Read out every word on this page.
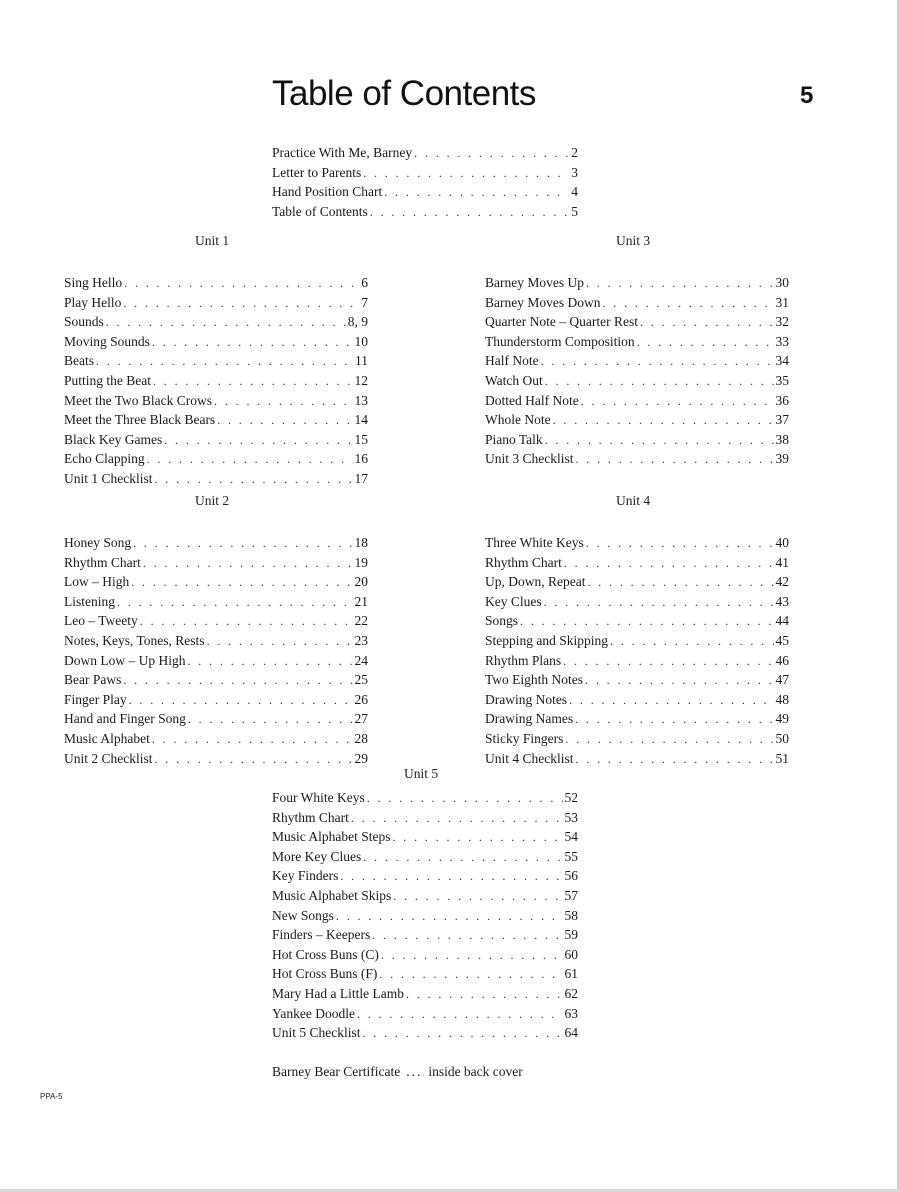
Table of Contents	5
Practice With Me, Barney . . .	2
Letter to Parents . . .	3
Hand Position Chart . . .	4
Table of Contents . . .	5
Unit 1
Sing Hello . . .	6
Play Hello . . .	7
Sounds . . .	8, 9
Moving Sounds . . .	10
Beats . . .	11
Putting the Beat . . .	12
Meet the Two Black Crows . . .	13
Meet the Three Black Bears . . .	14
Black Key Games . . .	15
Echo Clapping . . .	16
Unit 1 Checklist . . .	17
Unit 3
Barney Moves Up . . .	30
Barney Moves Down . . .	31
Quarter Note – Quarter Rest . . .	32
Thunderstorm Composition . . .	33
Half Note . . .	34
Watch Out . . .	35
Dotted Half Note . . .	36
Whole Note . . .	37
Piano Talk . . .	38
Unit 3 Checklist . . .	39
Unit 2
Honey Song . . .	18
Rhythm Chart . . .	19
Low – High . . .	20
Listening . . .	21
Leo – Tweety . . .	22
Notes, Keys, Tones, Rests . . .	23
Down Low – Up High . . .	24
Bear Paws . . .	25
Finger Play . . .	26
Hand and Finger Song . . .	27
Music Alphabet . . .	28
Unit 2 Checklist . . .	29
Unit 4
Three White Keys . . .	40
Rhythm Chart . . .	41
Up, Down, Repeat . . .	42
Key Clues . . .	43
Songs . . .	44
Stepping and Skipping . . .	45
Rhythm Plans . . .	46
Two Eighth Notes . . .	47
Drawing Notes . . .	48
Drawing Names . . .	49
Sticky Fingers . . .	50
Unit 4 Checklist . . .	51
Unit 5
Four White Keys . . .	52
Rhythm Chart . . .	53
Music Alphabet Steps . . .	54
More Key Clues . . .	55
Key Finders . . .	56
Music Alphabet Skips . . .	57
New Songs . . .	58
Finders – Keepers . . .	59
Hot Cross Buns (C) . . .	60
Hot Cross Buns (F) . . .	61
Mary Had a Little Lamb . . .	62
Yankee Doodle . . .	63
Unit 5 Checklist . . .	64
Barney Bear Certificate ... inside back cover
PPA-5
